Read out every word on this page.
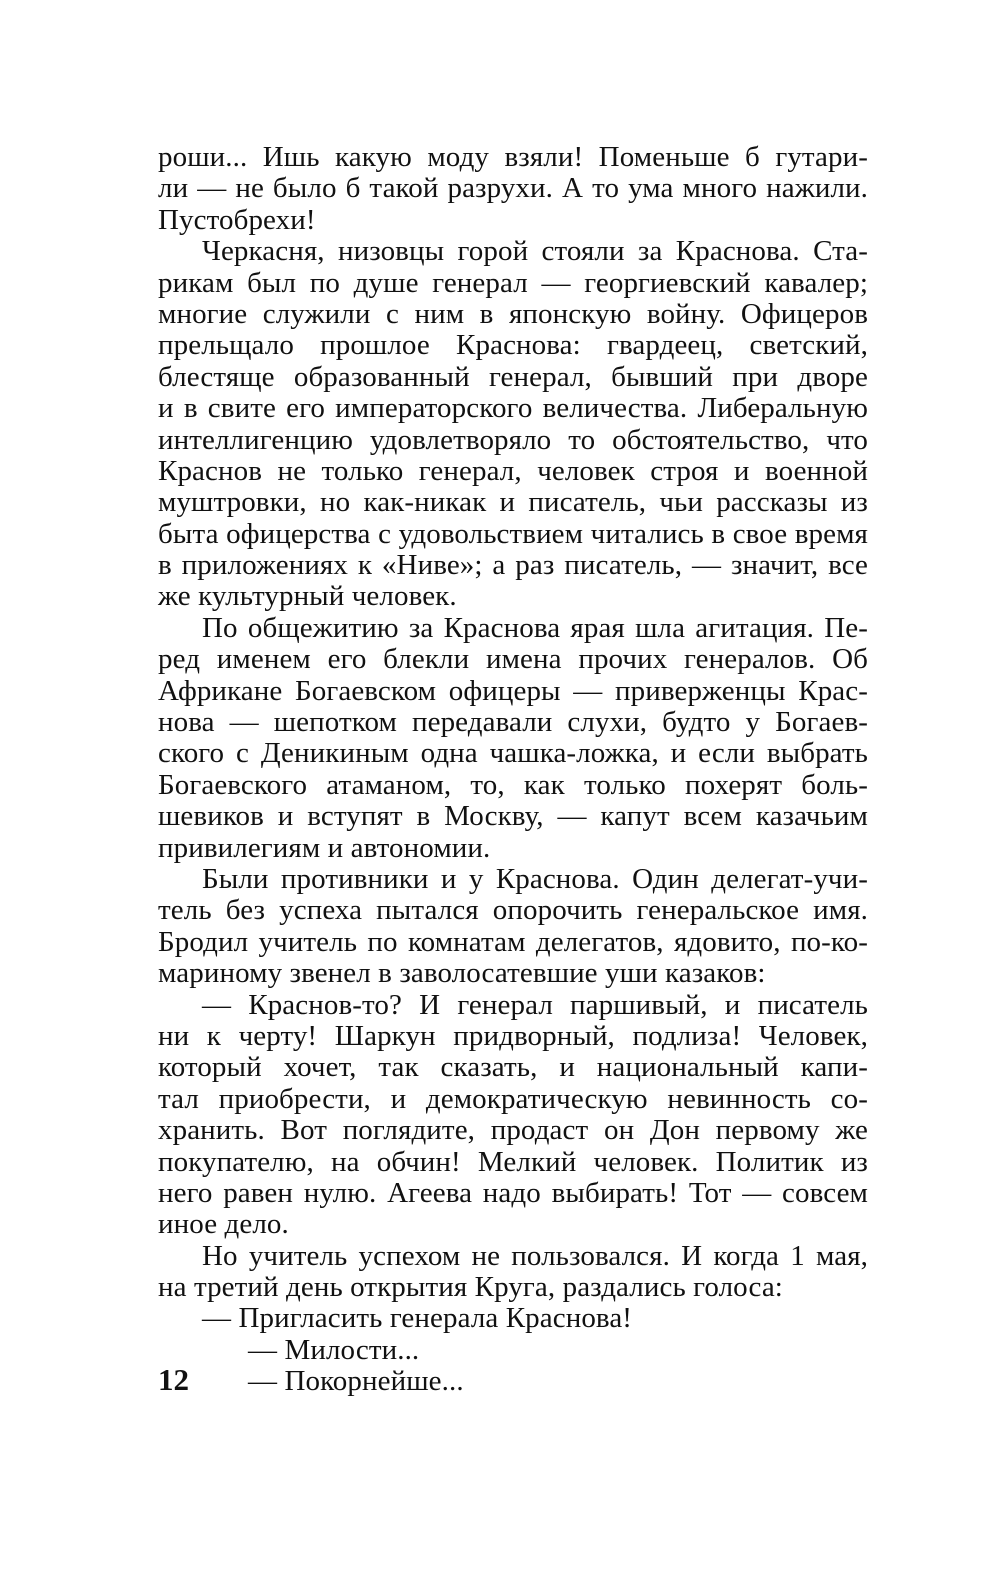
роши... Ишь какую моду взяли! Поменьше б гутари-
ли — не было б такой разрухи. А то ума много нажили.
Пустобрехи!
Черкасня, низовцы горой стояли за Краснова. Ста-
рикам был по душе генерал — георгиевский кавалер;
многие служили с ним в японскую войну. Офицеров
прельщало прошлое Краснова: гвардеец, светский,
блестяще образованный генерал, бывший при дворе
и в свите его императорского величества. Либеральную
интеллигенцию удовлетворяло то обстоятельство, что
Краснов не только генерал, человек строя и военной
муштровки, но как-никак и писатель, чьи рассказы из
быта офицерства с удовольствием читались в свое время
в приложениях к «Ниве»; а раз писатель, — значит, все
же культурный человек.
По общежитию за Краснова ярая шла агитация. Пе-
ред именем его блекли имена прочих генералов. Об
Африкане Богаевском офицеры — приверженцы Крас-
нова — шепотком передавали слухи, будто у Богаев-
ского с Деникиным одна чашка-ложка, и если выбрать
Богаевского атаманом, то, как только похерят боль-
шевиков и вступят в Москву, — капут всем казачьим
привилегиям и автономии.
Были противники и у Краснова. Один делегат-учи-
тель без успеха пытался опорочить генеральское имя.
Бродил учитель по комнатам делегатов, ядовито, по-ко-
мариному звенел в заволосатевшие уши казаков:
— Краснов-то? И генерал паршивый, и писатель
ни к черту! Шаркун придворный, подлиза! Человек,
который хочет, так сказать, и национальный капи-
тал приобрести, и демократическую невинность со-
хранить. Вот поглядите, продаст он Дон первому же
покупателю, на обчин! Мелкий человек. Политик из
него равен нулю. Агеева надо выбирать! Тот — совсем
иное дело.
Но учитель успехом не пользовался. И когда 1 мая,
на третий день открытия Круга, раздались голоса:
— Пригласить генерала Краснова!
— Милости...
— Покорнейше...
12
